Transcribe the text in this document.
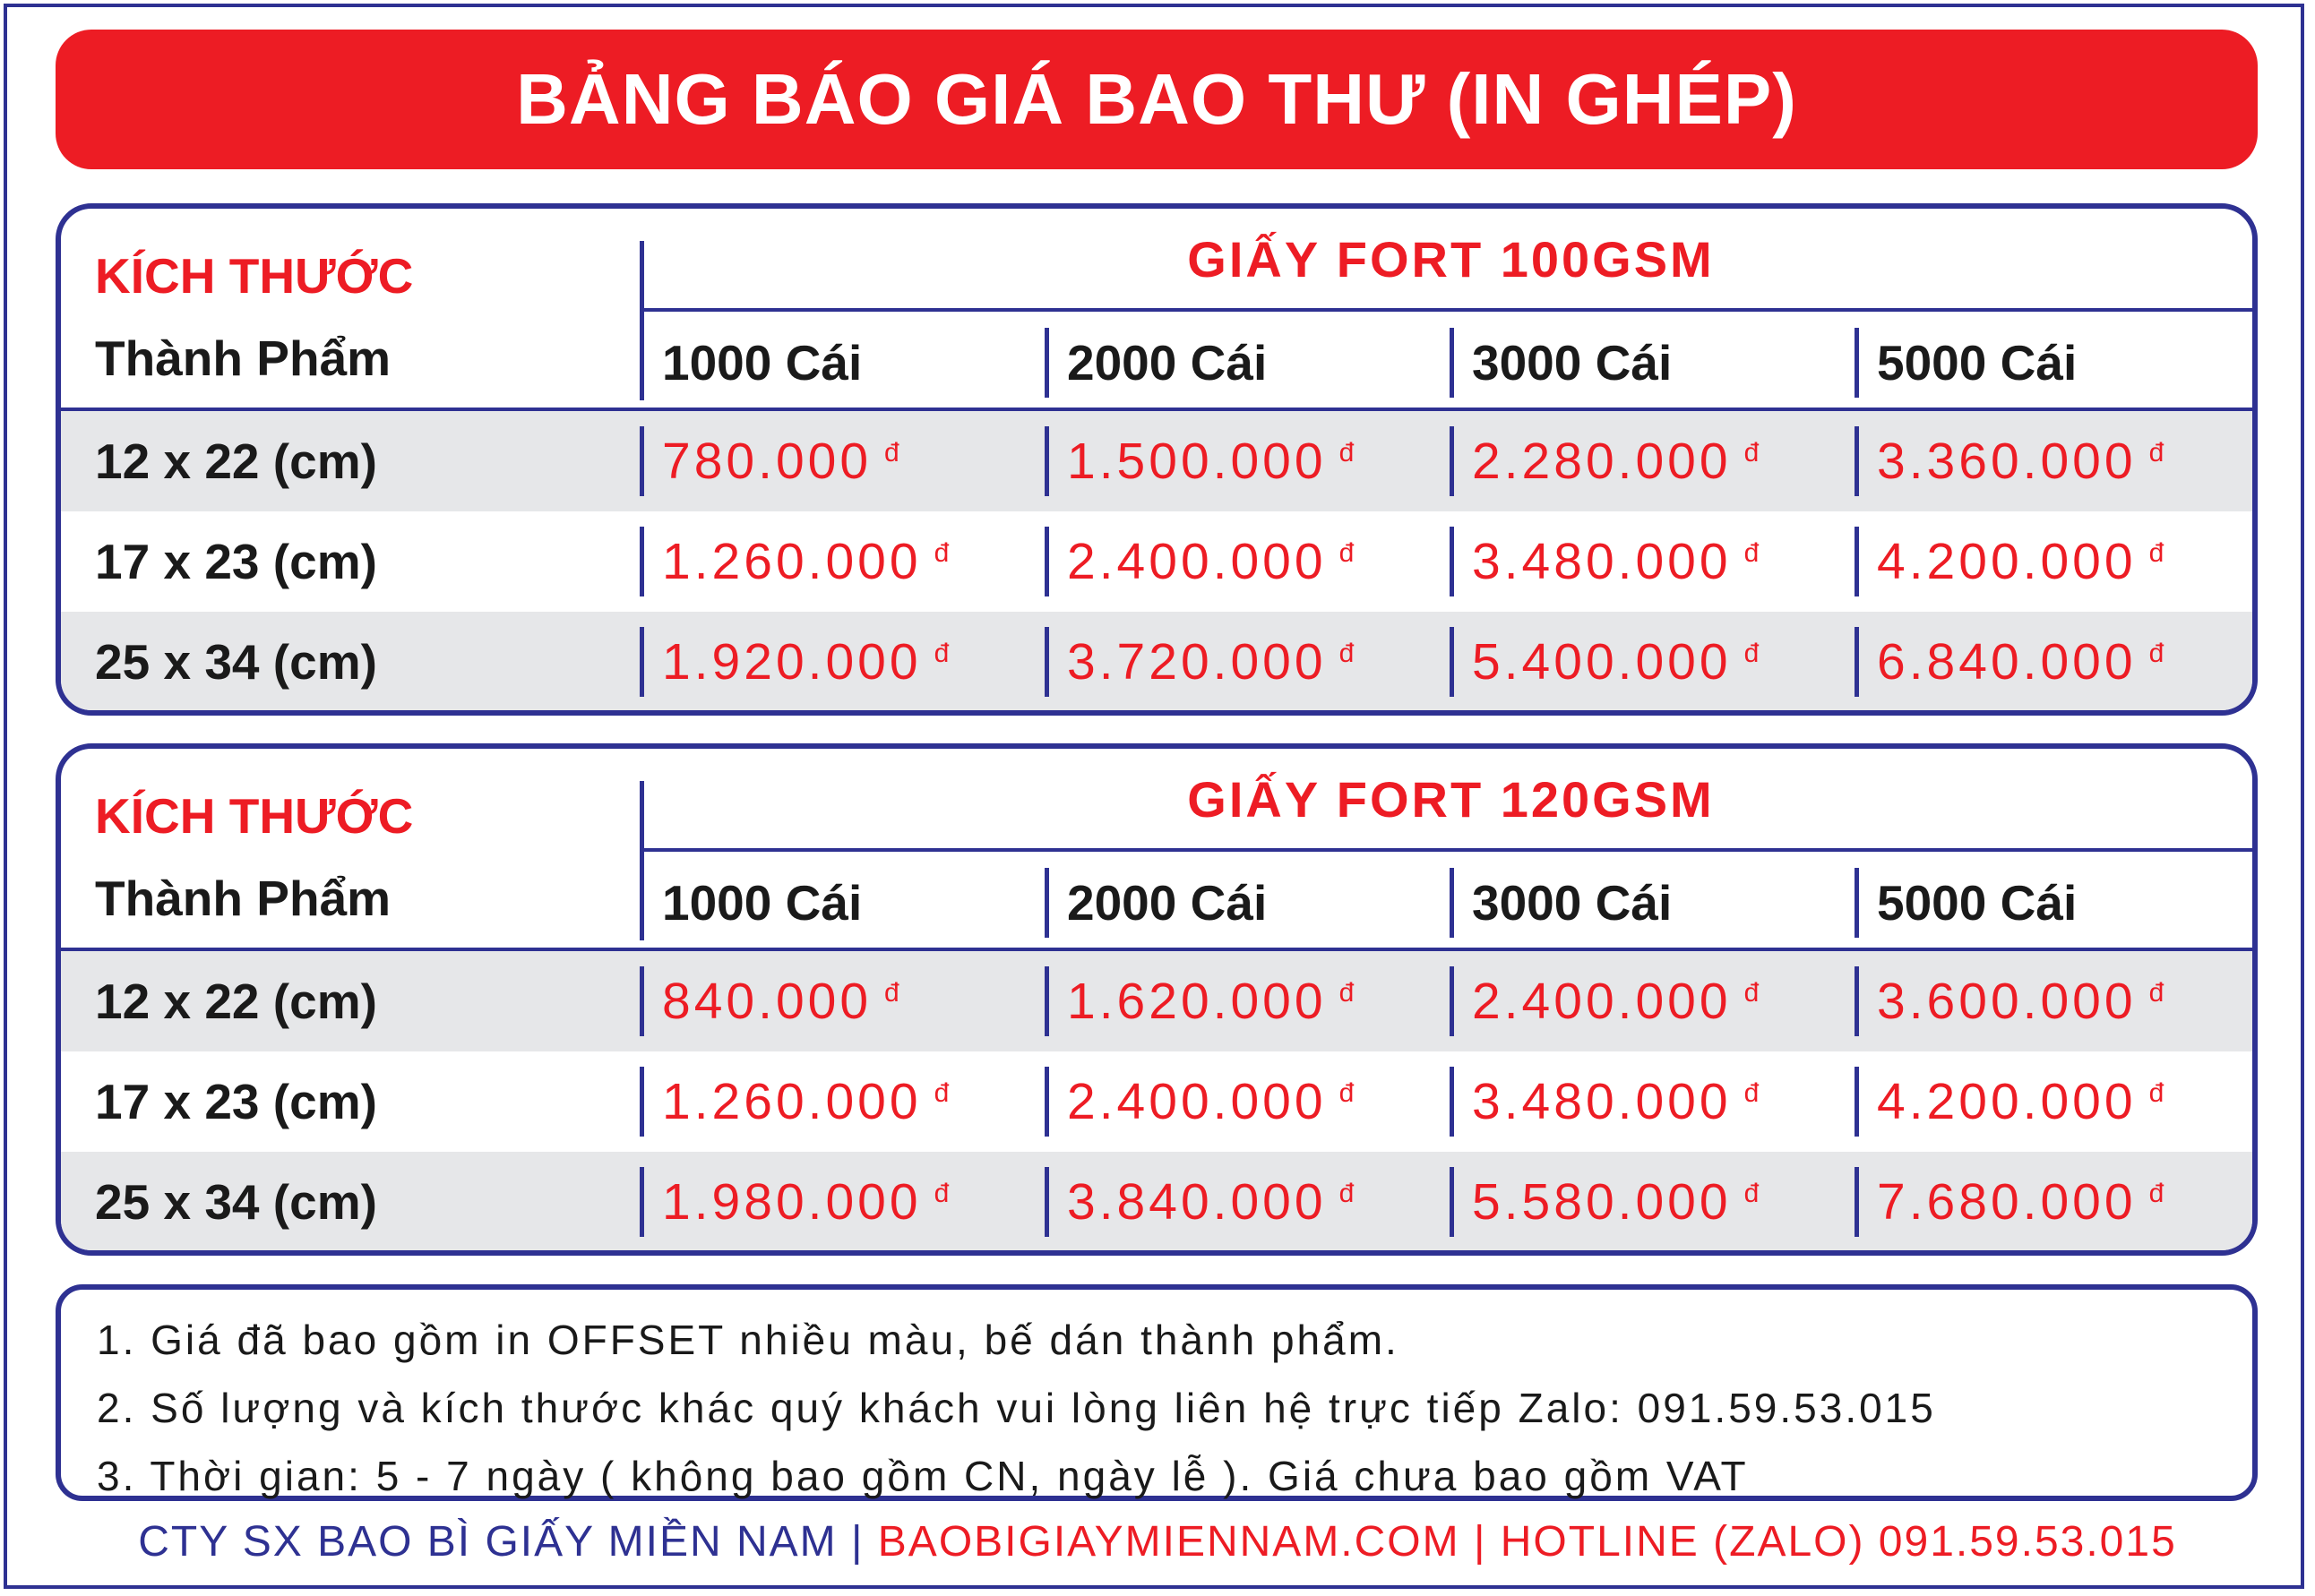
BẢNG BÁO GIÁ BAO THƯ (IN GHÉP)
KÍCH THƯỚC
Thành Phẩm
GIẤY FORT 100GSM
1000 Cái	2000 Cái	3000 Cái	5000 Cái
12 x 22 (cm)	780.000 đ	1.500.000 đ 2.280.000 đ 3.360.000 đ
17 x 23 (cm)	1.260.000 đ 2.400.000 đ 3.480.000 đ 4.200.000 đ
25 x 34 (cm)	1.920.000 đ 3.720.000 đ 5.400.000 đ 6.840.000 đ
KÍCH THƯỚC
Thành Phẩm
GIẤY FORT 120GSM
1000 Cái	2000 Cái	3000 Cái	5000 Cái
12 x 22 (cm)	840.000 đ	1.620.000 đ 2.400.000 đ 3.600.000 đ
17 x 23 (cm)	1.260.000 đ 2.400.000 đ 3.480.000 đ 4.200.000 đ
25 x 34 (cm)	1.980.000 đ 3.840.000 đ 5.580.000 đ 7.680.000 đ
1. Giá đã bao gồm in OFFSET nhiều màu, bế dán thành phẩm.
2. Số lượng và kích thước khác quý khách vui lòng liên hệ trực tiếp Zalo: 091.59.53.015
3. Thời gian: 5 - 7 ngày ( không bao gồm CN, ngày lễ ). Giá chưa bao gồm VAT
CTY SX BAO BÌ GIẤY MIỀN NAM | BAOBIGIAYMIENNAM.COM | HOTLINE (ZALO) 091.59.53.015
